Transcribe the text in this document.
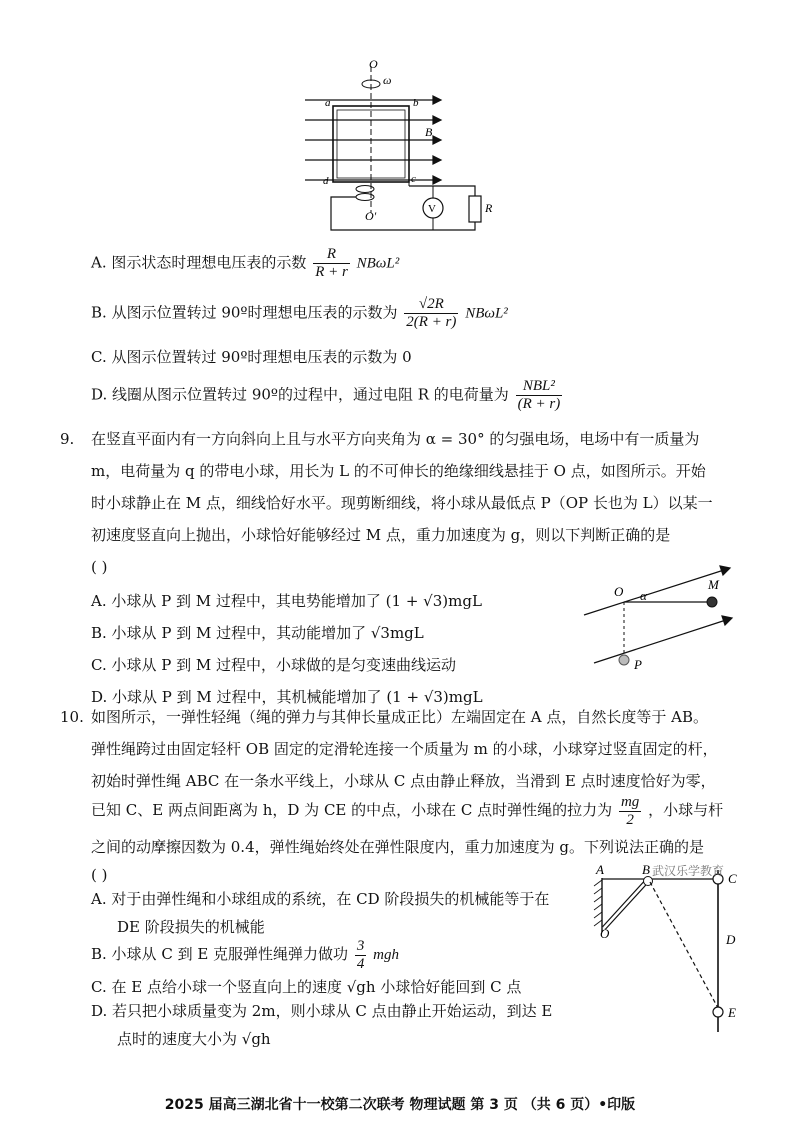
O
ω
a	b
B
d	c
O'	V	R
A. 图示状态时理想电压表的示数 $\frac{R}{R + r} NB\omega L^2$
B. 从图示位置转过 90º时理想电压表的示数为 $\frac{√2R}{2(R + r)} NB\omega L^2$
C. 从图示位置转过 90º时理想电压表的示数为 0
D. 线圈从图示位置转过 90º的过程中，通过电阻 R 的电荷量为 $\frac{\text{NBL²}}{(R + r)}$
9. 在竖直平面内有一方向斜向上且与水平方向夹角为 α = 30° 的匀强电场，电场中有一质量为
m，电荷量为 q 的带电小球，用长为 L 的不可伸长的绝缘细线悬挂于 O 点，如图所示。开始
时小球静止在 M 点，细线恰好水平。现剪断细线，将小球从最低点 P（OP 长也为 L）以某一
初速度竖直向上抛出，小球恰好能够经过 M 点，重力加速度为 g，则以下判断正确的是
( )
A. 小球从 P 到 M 过程中，其电势能增加了 (1 + √3)mgL
B. 小球从 P 到 M 过程中，其动能增加了 √3mgL
C. 小球从 P 到 M 过程中，小球做的是匀变速曲线运动
D. 小球从 P 到 M 过程中，其机械能增加了 (1 + √3)mgL
O α
M
P
10. 如图所示，一弹性轻绳（绳的弹力与其伸长量成正比）左端固定在 A 点，自然长度等于 AB。
弹性绳跨过由固定轻杆 OB 固定的定滑轮连接一个质量为 m 的小球，小球穿过竖直固定的杆，
初始时弹性绳 ABC 在一条水平线上，小球从 C 点由静止释放，当滑到 E 点时速度恰好为零，
已知 C、E 两点间距离为 h，D 为 CE 的中点，小球在 C 点时弹性绳的拉力为 $\frac{mg}{2}$ ，小球与杆
之间的动摩擦因数为 0.4，弹性绳始终处在弹性限度内，重力加速度为 g。下列说法正确的是
( )
A. 对于由弹性绳和小球组成的系统，在 CD 阶段损失的机械能等于在
DE 阶段损失的机械能
B. 小球从 C 到 E 克服弹性绳弹力做功 $\frac{3}{4}$ mgh
C. 在 E 点给小球一个竖直向上的速度 √gh 小球恰好能回到 C 点
D. 若只把小球质量变为 2m，则小球从 C 点由静止开始运动，到达 E
点时的速度大小为 √gh
A	B
C
D
E
O
武汉乐学教育
2025 届高三湖北省十一校第二次联考 物理试题 第 3 页 （共 6 页）•印版
